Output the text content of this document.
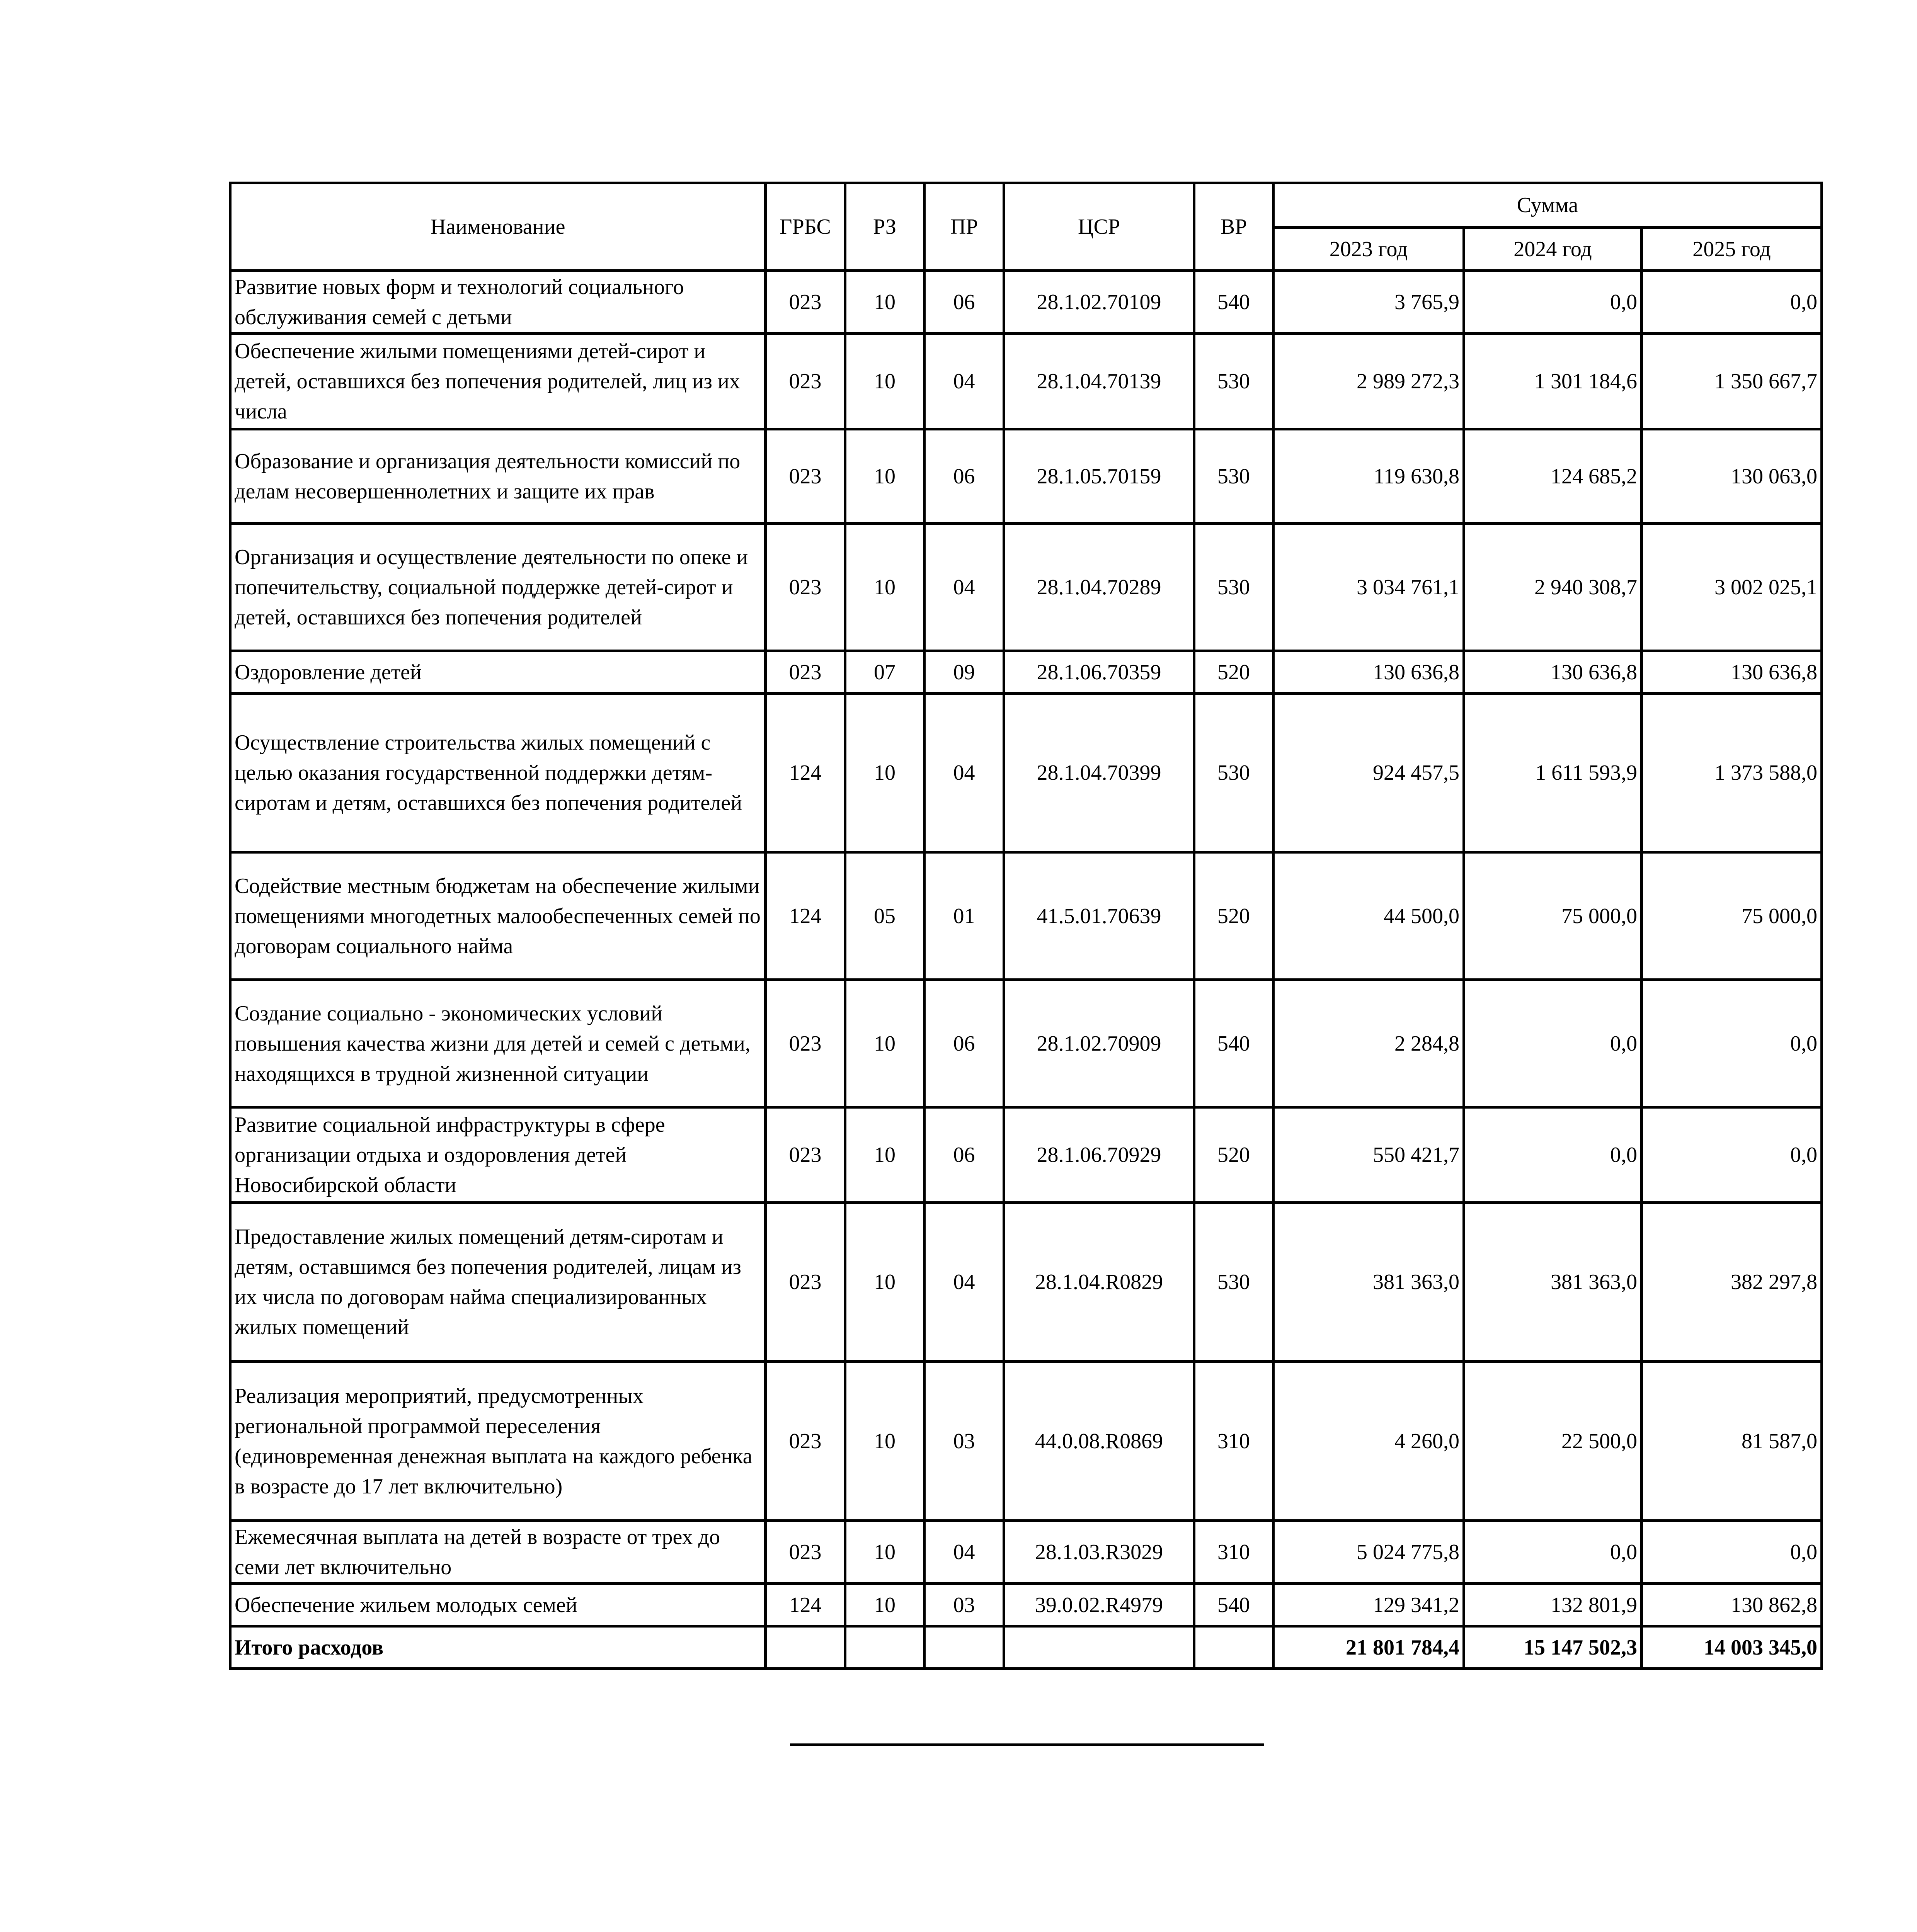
Наименование	ГРБС	РЗ	ПР	ЦСР	ВР	Сумма		
						2023 год	2024 год	2025 год
Развитие новых форм и технологий социального обслуживания семей с детьми	023	10	06	28.1.02.70109	540	3 765,9	0,0	0,0
Обеспечение жилыми помещениями детей-сирот и детей, оставшихся без попечения родителей, лиц из их числа	023	10	04	28.1.04.70139	530	2 989 272,3	1 301 184,6	1 350 667,7
Образование и организация деятельности комиссий по делам несовершеннолетних и защите их прав	023	10	06	28.1.05.70159	530	119 630,8	124 685,2	130 063,0
Организация и осуществление деятельности по опеке и попечительству, социальной поддержке детей-сирот и детей, оставшихся без попечения родителей	023	10	04	28.1.04.70289	530	3 034 761,1	2 940 308,7	3 002 025,1
Оздоровление детей	023	07	09	28.1.06.70359	520	130 636,8	130 636,8	130 636,8
Осуществление строительства жилых помещений с целью оказания государственной поддержки детям-сиротам и детям, оставшихся без попечения родителей	124	10	04	28.1.04.70399	530	924 457,5	1 611 593,9	1 373 588,0
Содействие местным бюджетам на обеспечение жилыми помещениями многодетных малообеспеченных семей по договорам социального найма	124	05	01	41.5.01.70639	520	44 500,0	75 000,0	75 000,0
Создание социально - экономических условий повышения качества жизни для детей и семей с детьми, находящихся в трудной жизненной ситуации	023	10	06	28.1.02.70909	540	2 284,8	0,0	0,0
Развитие социальной инфраструктуры в сфере организации отдыха и оздоровления детей Новосибирской области	023	10	06	28.1.06.70929	520	550 421,7	0,0	0,0
Предоставление жилых помещений детям-сиротам и детям, оставшимся без попечения родителей, лицам из их числа по договорам найма специализированных жилых помещений	023	10	04	28.1.04.R0829	530	381 363,0	381 363,0	382 297,8
Реализация мероприятий, предусмотренных региональной программой переселения (единовременная денежная выплата на каждого ребенка в возрасте до 17 лет включительно)	023	10	03	44.0.08.R0869	310	4 260,0	22 500,0	81 587,0
Ежемесячная выплата на детей в возрасте от трех до семи лет включительно	023	10	04	28.1.03.R3029	310	5 024 775,8	0,0	0,0
Обеспечение жильем молодых семей	124	10	03	39.0.02.R4979	540	129 341,2	132 801,9	130 862,8
Итого расходов						21 801 784,4	15 147 502,3	14 003 345,0
